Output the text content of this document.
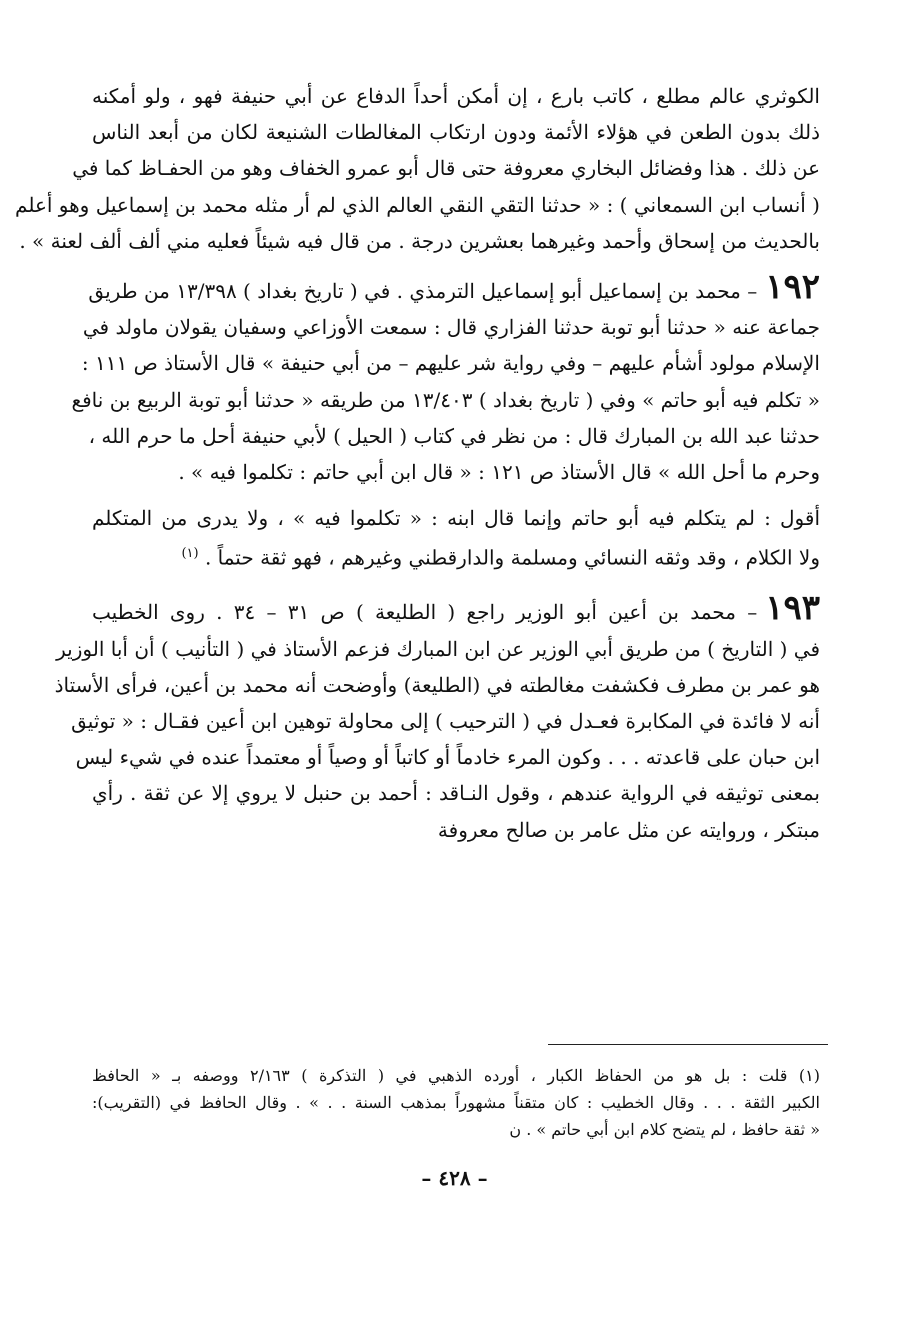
الكوثري عالم مطلع ، كاتب بارع ، إن أمكن أحداً الدفاع عن أبي حنيفة فهو ، ولو أمكنه
ذلك بدون الطعن في هؤلاء الأئمة ودون ارتكاب المغالطات الشنيعة لكان من أبعد الناس
عن ذلك . هذا وفضائل البخاري معروفة حتى قال أبو عمرو الخفاف وهو من الحفـاظ كما في
( أنساب ابن السمعاني ) : « حدثنا التقي النقي العالم الذي لم أر مثله محمد بن إسماعيل وهو أعلم
بالحديث من إسحاق وأحمد وغيرهما بعشرين درجة . من قال فيه شيئاً فعليه مني ألف ألف لعنة » .
١٩٢– محمد بن إسماعيل أبو إسماعيل الترمذي . في ( تاريخ بغداد ) ١٣/٣٩٨ من طريق
جماعة عنه « حدثنا أبو توبة حدثنا الفزاري قال : سمعت الأوزاعي وسفيان يقولان ماولد في
الإسلام مولود أشأم عليهم – وفي رواية شر عليهم – من أبي حنيفة » قال الأستاذ ص ١١١ :
« تكلم فيه أبو حاتم » وفي ( تاريخ بغداد ) ١٣/٤٠٣ من طريقه « حدثنا أبو توبة الربيع بن نافع
حدثنا عبد الله بن المبارك قال : من نظر في كتاب ( الحيل ) لأبي حنيفة أحل ما حرم الله ،
وحرم ما أحل الله » قال الأستاذ ص ١٢١ : « قال ابن أبي حاتم : تكلموا فيه » .
أقول : لم يتكلم فيه أبو حاتم وإنما قال ابنه : « تكلموا فيه » ، ولا يدرى من المتكلم
ولا الكلام ، وقد وثقه النسائي ومسلمة والدارقطني وغيرهم ، فهو ثقة حتماً . $^{(١)}$
١٩٣– محمد بن أعين أبو الوزير راجع ( الطليعة ) ص ٣١ – ٣٤ . روى الخطيب
في ( التاريخ ) من طريق أبي الوزير عن ابن المبارك فزعم الأستاذ في ( التأنيب ) أن أبا الوزير
هو عمر بن مطرف فكشفت مغالطته في (الطليعة) وأوضحت أنه محمد بن أعين، فرأى الأستاذ
أنه لا فائدة في المكابرة فعـدل في ( الترحيب ) إلى محاولة توهين ابن أعين فقـال : « توثيق
ابن حبان على قاعدته . . . وكون المرء خادماً أو كاتباً أو وصياً أو معتمداً عنده في شيء ليس
بمعنى توثيقه في الرواية عندهم ، وقول النـاقد : أحمد بن حنبل لا يروي إلا عن ثقة . رأي
مبتكر ، وروايته عن مثل عامر بن صالح معروفة
(١) قلت : بل هو من الحفاظ الكبار ، أورده الذهبي في ( التذكرة ) ٢/١٦٣ ووصفه بـ « الحافظ
الكبير الثقة . . . وقال الخطيب : كان متقناً مشهوراً بمذهب السنة . . » . وقال الحافظ في (التقريب):
« ثقة حافظ ، لم يتضح كلام ابن أبي حاتم » . ن
– ٤٢٨ –
